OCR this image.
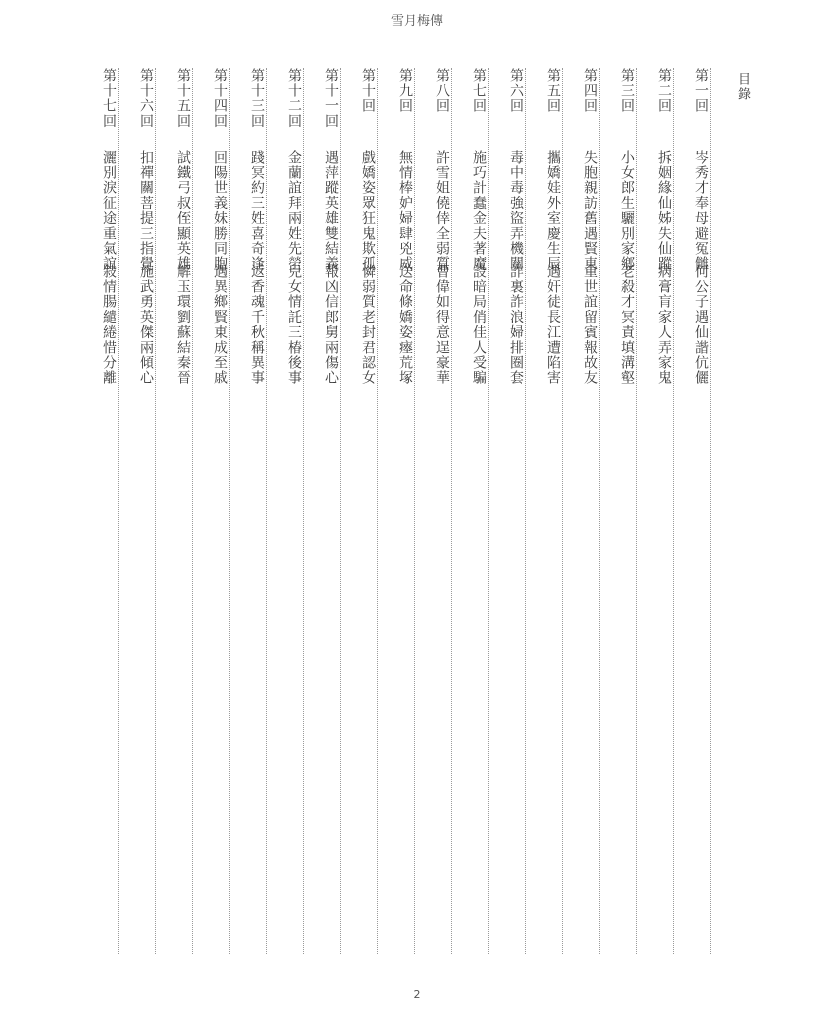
雪月梅傳
目錄
第一回
岑秀才奉母避冤雠
何公子遇仙諧伉儷
第二回
拆姻緣仙姊失仙蹤
病膏肓家人弄家鬼
第三回
小女郎生驪別家鄉
老殺才冥責填溝壑
第四回
失胞親訪舊遇賢東
重世誼留賓報故友
第五回
攜嬌娃外室慶生辰
遇奸徒長江遭陷害
第六回
毒中毒強盜弄機關
詐裏詐浪婦排圈套
第七回
施巧計蠢金夫著魔
設暗局俏佳人受騙
第八回
許雪姐僥倖全弱質
曹偉如得意逞豪華
第九回
無情棒妒婦肆兇威
送命條嬌姿瘞荒塚
第十回
戲嬌姿眾狂鬼欺孤
憐弱質老封君認女
第十一回
遇萍蹤英雄雙結義
報凶信郎舅兩傷心
第十二回
金蘭誼拜兩姓先塋
兒女情託三椿後事
第十三回
踐冥約三姓喜奇逢
返香魂千秋稱異事
第十四回
回陽世義妹勝同胞
遇異鄉賢東成至戚
第十五回
試鐵弓叔侄顯英雄
解玉環劉蘇結秦晉
第十六回
扣禪關菩提三指覺
施武勇英傑兩傾心
第十七回
灑別淚征途重氣誼
敍情腸繾綣惜分離
2
